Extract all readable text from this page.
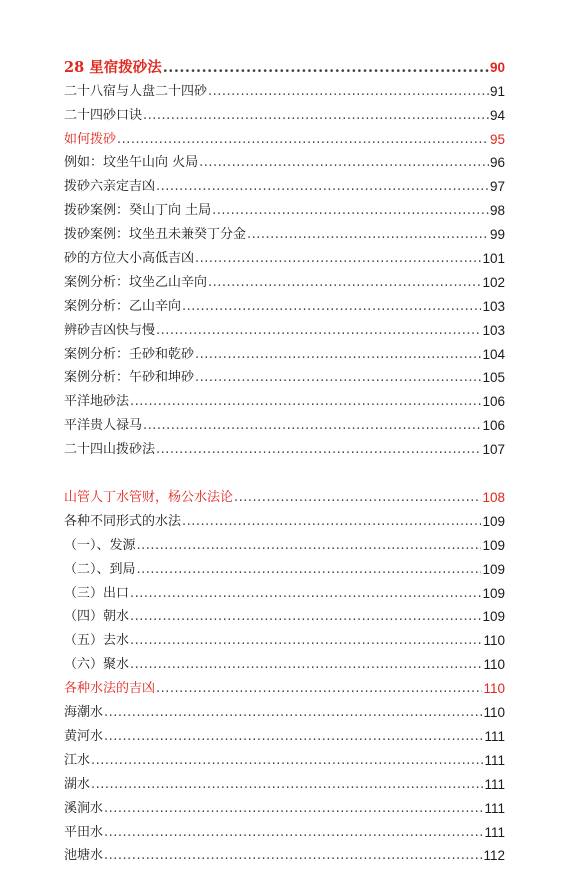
28 星宿拨砂法 .....	90
二十八宿与人盘二十四砂 .....	91
二十四砂口诀 .....	94
如何拨砂 .....	95
例如：坟坐午山向 火局 .....	96
拨砂六亲定吉凶 .....	97
拨砂案例：癸山丁向 土局 .....	98
拨砂案例：坟坐丑未兼癸丁分金 .....	99
砂的方位大小高低吉凶 .....	101
案例分析：坟坐乙山辛向 .....	102
案例分析：乙山辛向 .....	103
辨砂吉凶快与慢 .....	103
案例分析：壬砂和乾砂 .....	104
案例分析：午砂和坤砂 .....	105
平洋地砂法 .....	106
平洋贵人禄马 .....	106
二十四山拨砂法 .....	107
山管人丁水管财，杨公水法论 .....	108
各种不同形式的水法 .....	109
（一）、发源 .....	109
（二）、到局 .....	109
（三）出口 .....	109
（四）朝水 .....	109
（五）去水 .....	110
（六）聚水 .....	110
各种水法的吉凶 .....	110
海潮水 .....	110
黄河水 .....	111
江水 .....	111
湖水 .....	111
溪涧水 .....	111
平田水 .....	111
池塘水 .....	112
